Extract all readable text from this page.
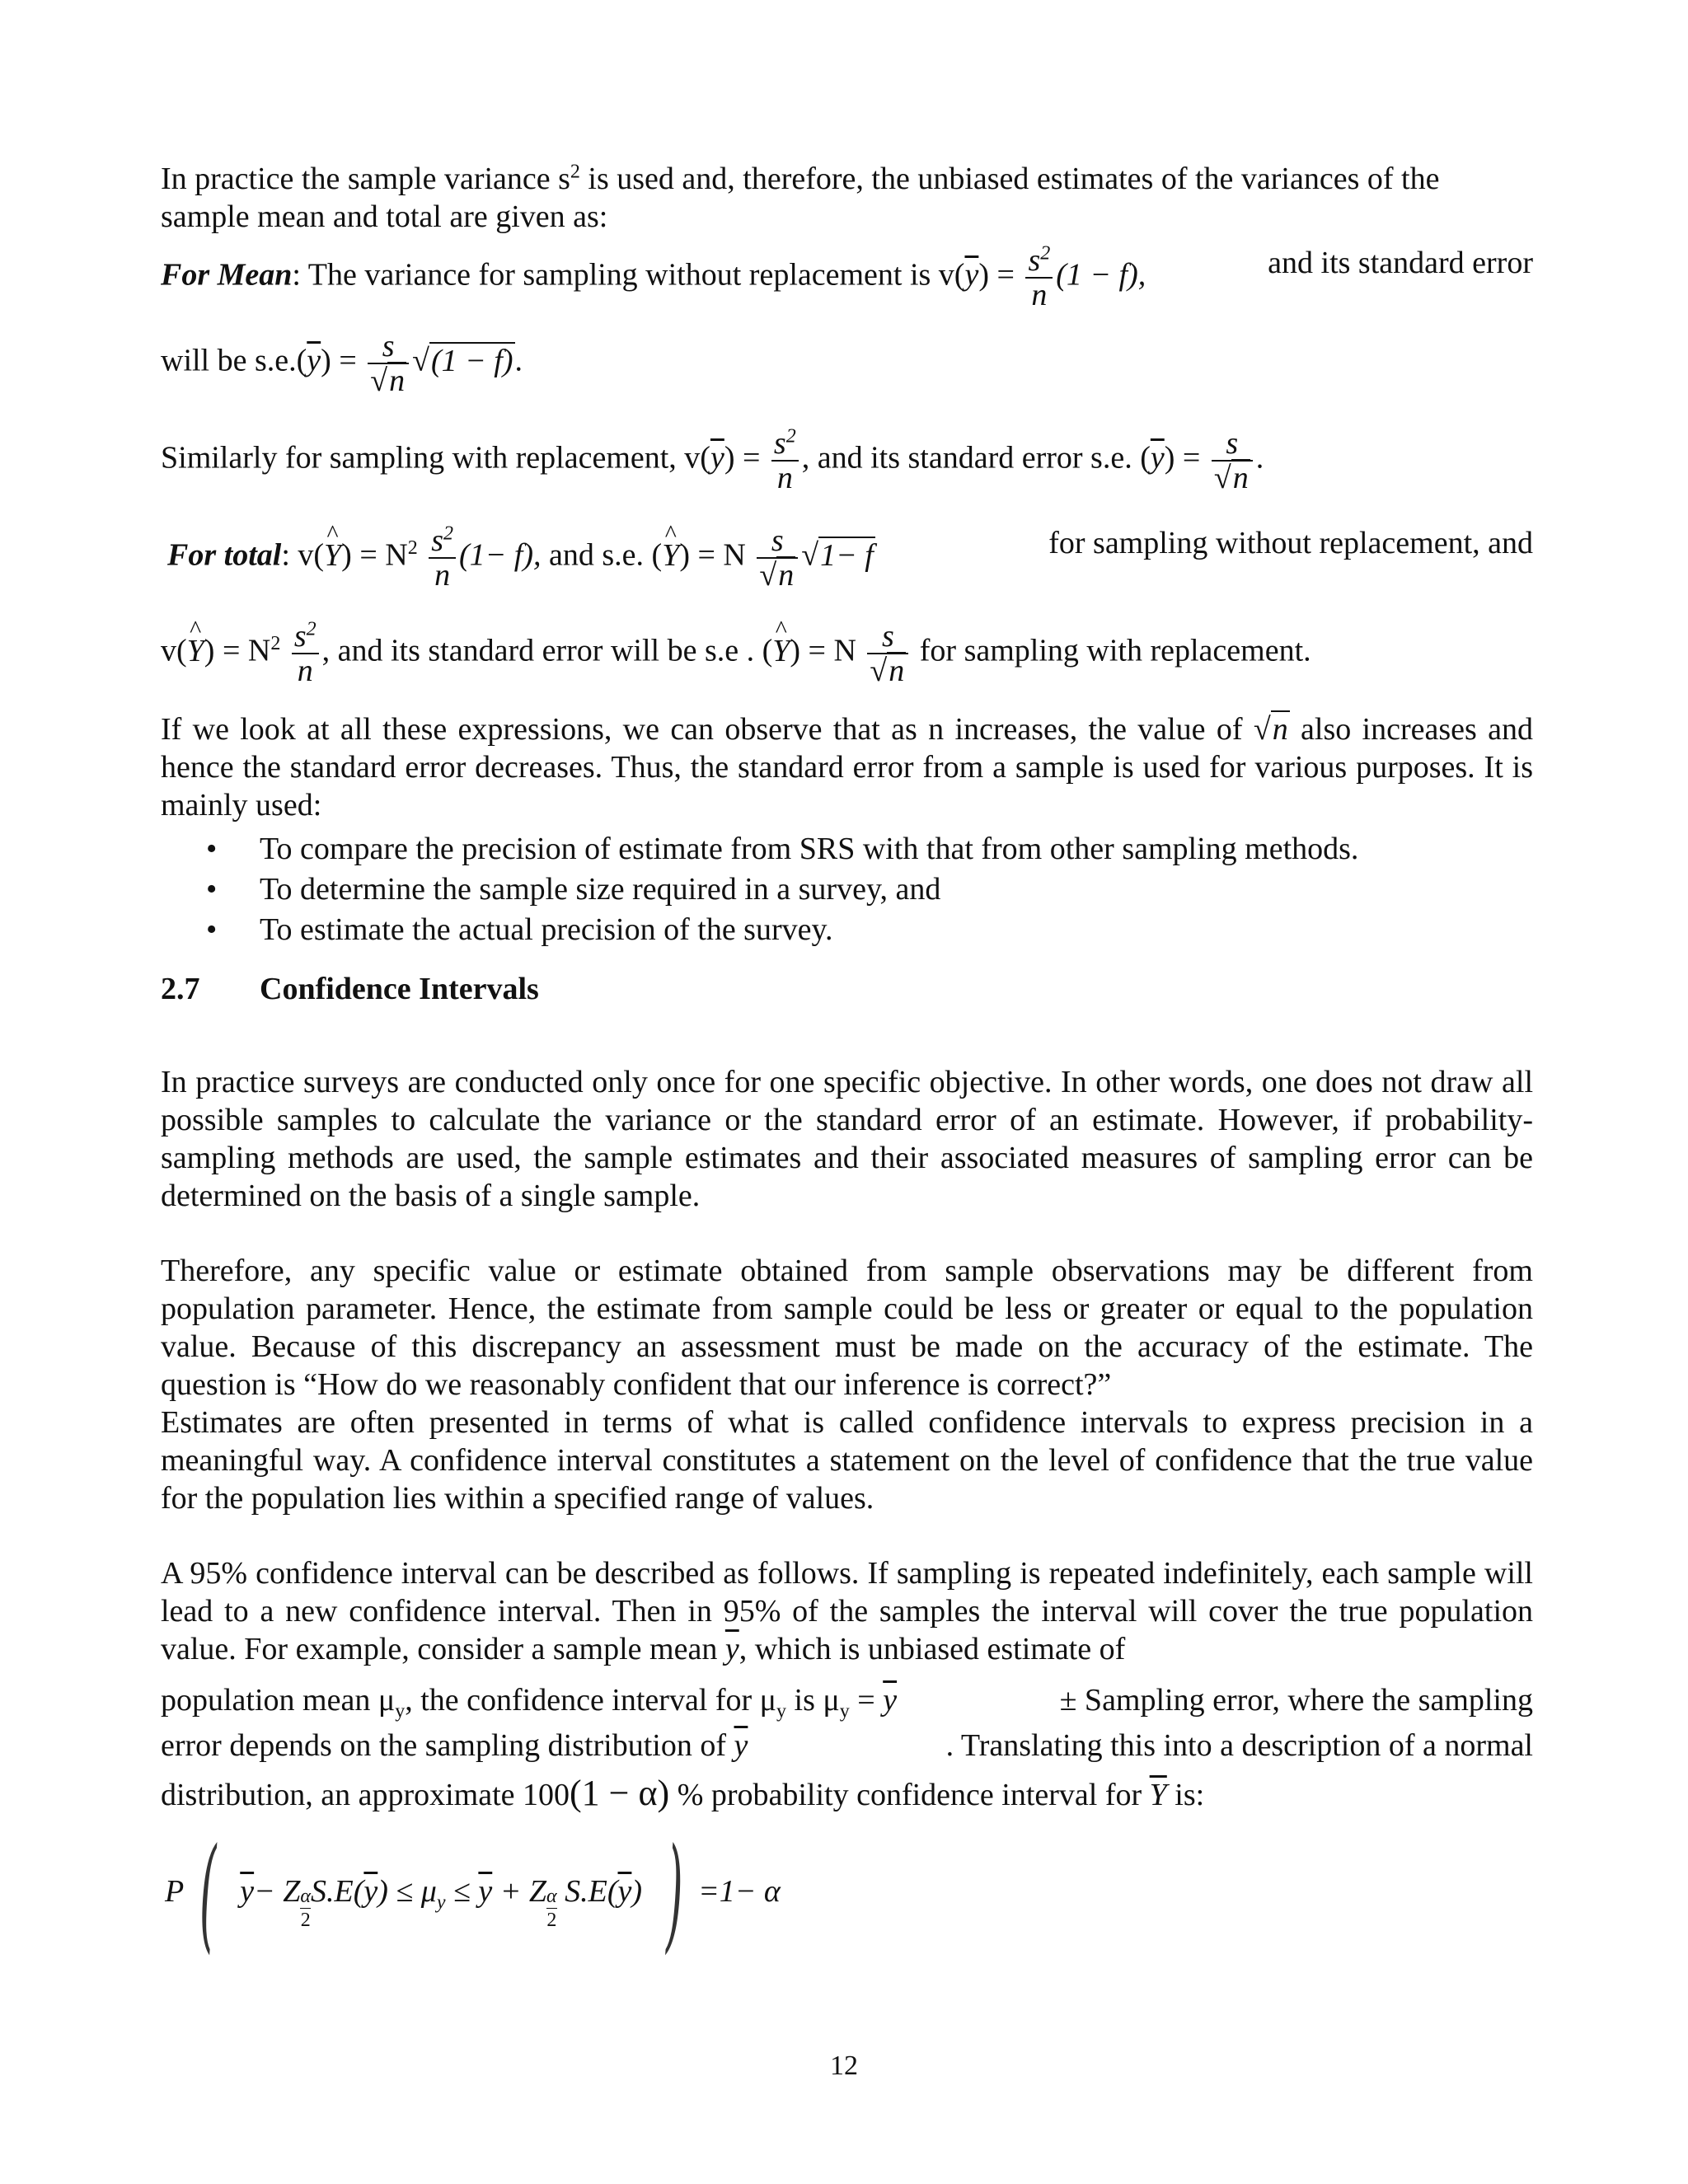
In practice the sample variance $s^2$ is used and, therefore, the unbiased estimates of the variances of the
sample mean and total are given as:
For Mean: The variance for sampling without replacement is $v(\overline{y}) = \frac{s^2}{n} (1 - f)$,	and its standard error
will be $s.e.(\overline{y}) = \frac{s}{√n} √(1 - f)$.
Similarly for sampling with replacement, $v(\overline{y}) = \frac{s^2}{n}$ , and its standard error s.e. $(\overline{y}) = \frac{s}{√n}$ .
For total: v(^ $Y) = N^2 \frac{s^2}{n} (1- f)$, and s.e. (^ Y) = N $\frac{s}{√n} √1- f$	for sampling without replacement, and
v(^ $Y) = N^2 \frac{s^2}{n}$ , and its standard error will be s.e . (^ Y) = N $\frac{s}{√n}$ for sampling with replacement.

If we look at all these expressions, we can observe that as n increases, the value of √n also increases and hence the standard error decreases. Thus, the standard error from a sample is used for various purposes. It is mainly used:

• To compare the precision of estimate from SRS with that from other sampling methods.
• To determine the sample size required in a survey, and
• To estimate the actual precision of the survey.
2.7 Confidence Intervals

In practice surveys are conducted only once for one specific objective. In other words, one does not draw all possible samples to calculate the variance or the standard error of an estimate. However, if probability-sampling methods are used, the sample estimates and their associated measures of sampling error can be determined on the basis of a single sample.

Therefore, any specific value or estimate obtained from sample observations may be different from population parameter. Hence, the estimate from sample could be less or greater or equal to the population value. Because of this discrepancy an assessment must be made on the accuracy of the estimate. The question is “How do we reasonably confident that our inference is correct?”

Estimates are often presented in terms of what is called confidence intervals to express precision in a meaningful way. A confidence interval constitutes a statement on the level of confidence that the true value for the population lies within a specified range of values.

A 95% confidence interval can be described as follows. If sampling is repeated indefinitely, each sample will lead to a new confidence interval. Then in 95% of the samples the interval will cover the true population value. For example, consider a sample mean $\overline{y}$, which is unbiased estimate of

population mean $\mu_y$, the confidence interval for $\mu_y$ is $\mu_y = \overline{y}$	± Sampling error, where the sampling
error depends on the sampling distribution of $\overline{y}$	. Translating this into a description of a normal
distribution, an approximate 100(1 − α) % probability confidence interval for $\overline{Y}$ is:
P ( $\overline{y}- Z \frac{\alpha}{2} S.E(\overline{y}) \le \mu_y \le \overline{y} + Z \frac{\alpha}{2} S.E(\overline{y})$ ) =1− α
12
